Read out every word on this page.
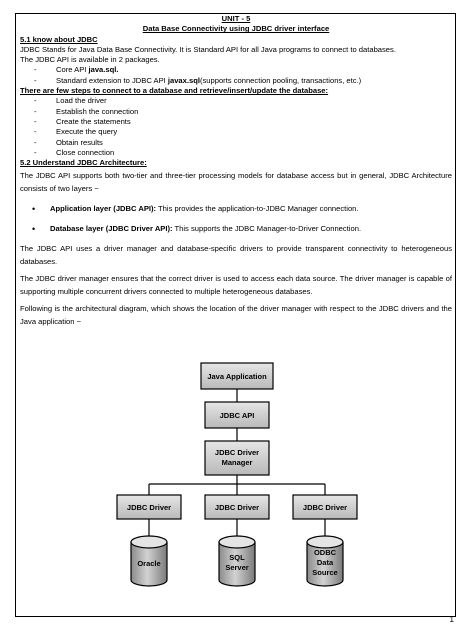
UNIT - 5
Data Base Connectivity using JDBC driver interface
5.1 know about JDBC
JDBC Stands for Java Data Base Connectivity. It is Standard API for all Java programs to connect to databases.
The JDBC API is available in 2 packages.
- Core API java.sql.
- Standard extension to JDBC API javax.sql(supports connection pooling, transactions, etc.)
There are few steps to connect to a database and retrieve/insert/update the database:
- Load the driver
- Establish the connection
- Create the statements
- Execute the query
- Obtain results
- Close connection
5.2 Understand JDBC Architecture:
The JDBC API supports both two-tier and three-tier processing models for database access but in general, JDBC Architecture consists of two layers −
• Application layer (JDBC API): This provides the application-to-JDBC Manager connection.
• Database layer (JDBC Driver API): This supports the JDBC Manager-to-Driver Connection.
The JDBC API uses a driver manager and database-specific drivers to provide transparent connectivity to heterogeneous databases.
The JDBC driver manager ensures that the correct driver is used to access each data source. The driver manager is capable of supporting multiple concurrent drivers connected to multiple heterogeneous databases.
Following is the architectural diagram, which shows the location of the driver manager with respect to the JDBC drivers and the Java application −
Java Application
JDBC API
JDBC Driver
Manager
JDBC Driver	JDBC Driver	JDBC Driver
Oracle
SQL
Server
ODBC
Data
Source
1
